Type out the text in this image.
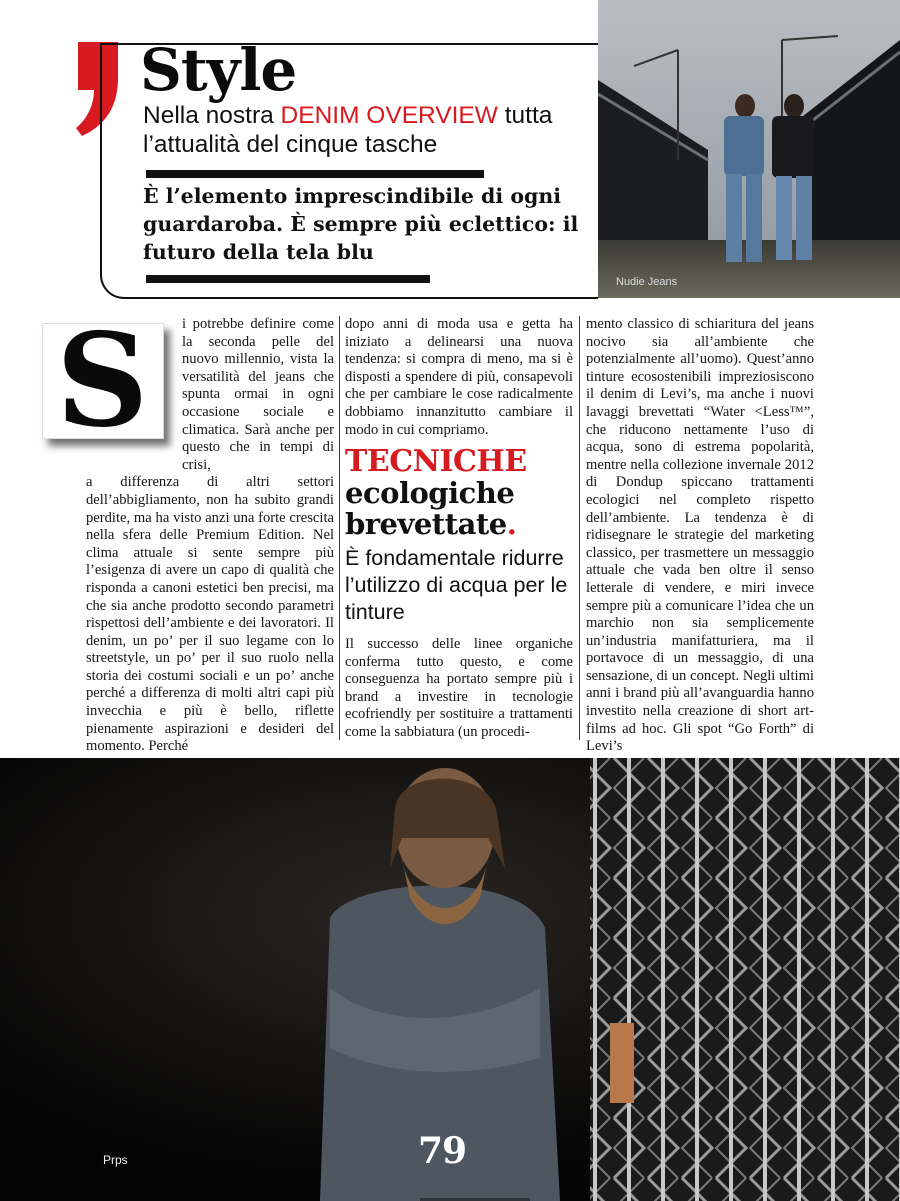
Style
Nella nostra DENIM OVERVIEW tutta l’attualità del cinque tasche
È l’elemento imprescindibile di ogni guardaroba. È sempre più eclettico: il futuro della tela blu
Nudie Jeans
S	i potrebbe definire come la seconda pelle del nuovo millennio, vista la versatilità del jeans che spunta ormai in ogni occasione sociale e climatica. Sarà anche per questo che in tempi di crisi,

a differenza di altri settori dell’abbigliamento, non ha subito grandi perdite, ma ha visto anzi una forte crescita nella sfera delle Premium Edition. Nel clima attuale si sente sempre più l’esigenza di avere un capo di qualità che risponda a canoni estetici ben precisi, ma che sia anche prodotto secondo parametri rispettosi dell’ambiente e dei lavoratori. Il denim, un po’ per il suo legame con lo streetstyle, un po’ per il suo ruolo nella storia dei costumi sociali e un po’ anche perché a differenza di molti altri capi più invecchia e più è bello, riflette pienamente aspirazioni e desideri del momento. Perché

dopo anni di moda usa e getta ha iniziato a delinearsi una nuova tendenza: si compra di meno, ma si è disposti a spendere di più, consapevoli che per cambiare le cose radicalmente dobbiamo innanzitutto cambiare il modo in cui compriamo.

TECNICHE
ecologiche
brevettate.
È fondamentale ridurre l’utilizzo di acqua per le tinture

Il successo delle linee organiche conferma tutto questo, e come conseguenza ha portato sempre più i brand a investire in tecnologie ecofriendly per sostituire a trattamenti come la sabbiatura (un procedi-

mento classico di schiaritura del jeans nocivo sia all’ambiente che potenzialmente all’uomo). Quest’anno tinture ecosostenibili impreziosiscono il denim di Levi’s, ma anche i nuovi lavaggi brevettati “Water <Less™”, che riducono nettamente l’uso di acqua, sono di estrema popolarità, mentre nella collezione invernale 2012 di Dondup spiccano trattamenti ecologici nel completo rispetto dell’ambiente. La tendenza è di ridisegnare le strategie del marketing classico, per trasmettere un messaggio attuale che vada ben oltre il senso letterale di vendere, e miri invece sempre più a comunicare l’idea che un marchio non sia semplicemente un’industria manifatturiera, ma il portavoce di un messaggio, di una sensazione, di un concept. Negli ultimi anni i brand più all’avanguardia hanno investito nella creazione di short art-films ad hoc. Gli spot “Go Forth” di Levi’s

Prps	79
